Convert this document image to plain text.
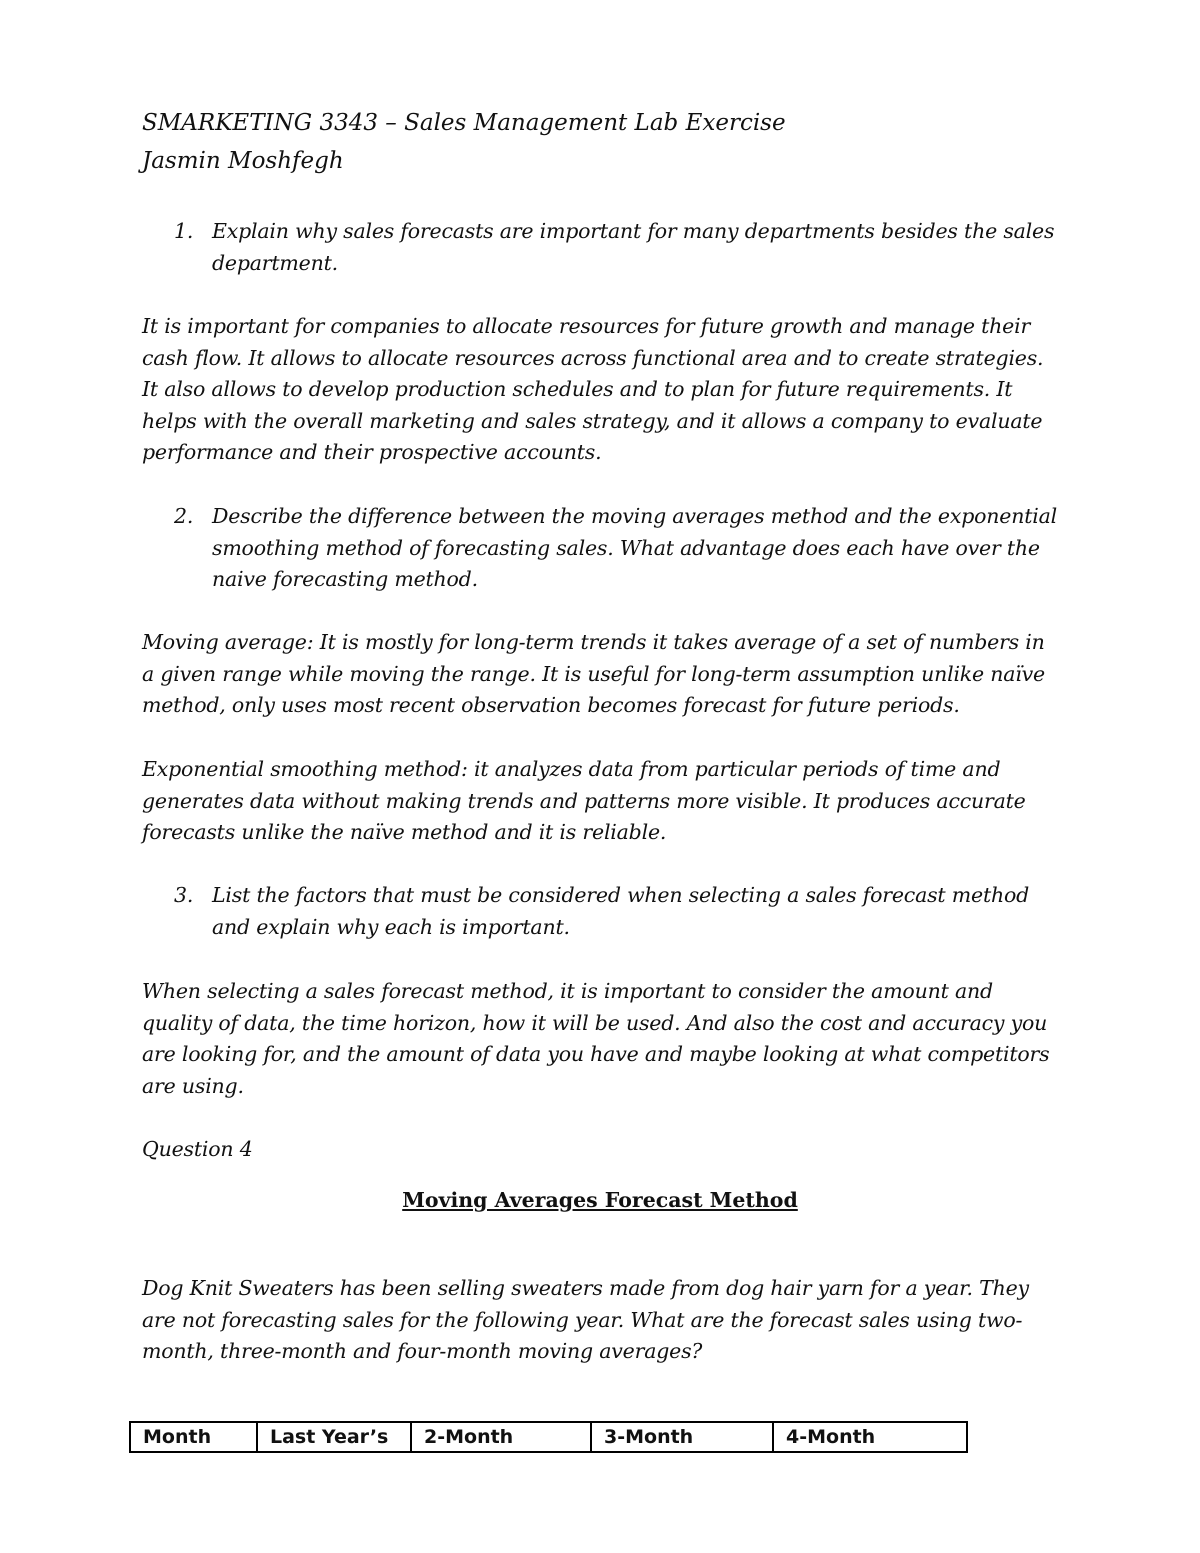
SMARKETING 3343 – Sales Management Lab Exercise

Jasmin Moshfegh

1. Explain why sales forecasts are important for many departments besides the sales department.

It is important for companies to allocate resources for future growth and manage their cash flow. It allows to allocate resources across functional area and to create strategies. It also allows to develop production schedules and to plan for future requirements. It helps with the overall marketing and sales strategy, and it allows a company to evaluate performance and their prospective accounts.

2. Describe the difference between the moving averages method and the exponential smoothing method of forecasting sales. What advantage does each have over the naive forecasting method.

Moving average: It is mostly for long-term trends it takes average of a set of numbers in a given range while moving the range. It is useful for long-term assumption unlike naïve method, only uses most recent observation becomes forecast for future periods.

Exponential smoothing method: it analyzes data from particular periods of time and generates data without making trends and patterns more visible. It produces accurate forecasts unlike the naïve method and it is reliable.

3. List the factors that must be considered when selecting a sales forecast method and explain why each is important.

When selecting a sales forecast method, it is important to consider the amount and quality of data, the time horizon, how it will be used. And also the cost and accuracy you are looking for, and the amount of data you have and maybe looking at what competitors are using.

Question 4

Moving Averages Forecast Method

Dog Knit Sweaters has been selling sweaters made from dog hair yarn for a year. They are not forecasting sales for the following year. What are the forecast sales using two-month, three-month and four-month moving averages?

Month	Last Year’s	2-Month	3-Month	4-Month
